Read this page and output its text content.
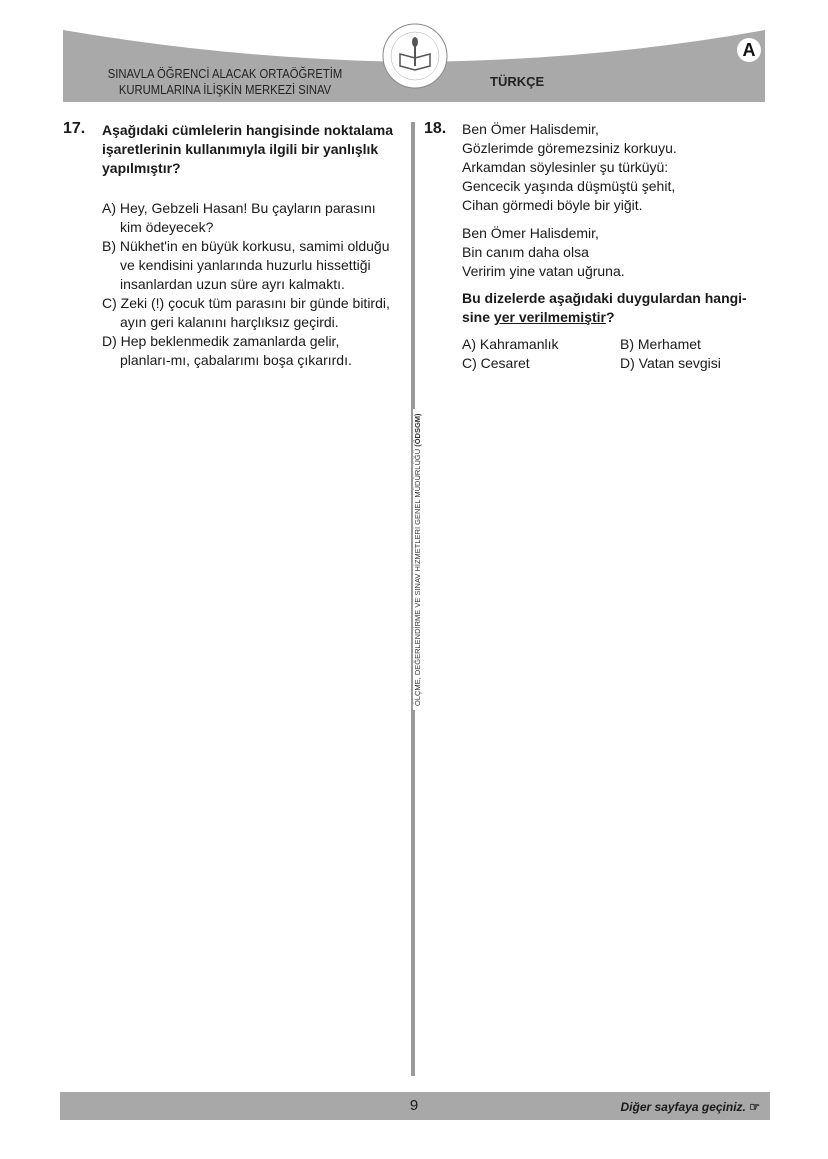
SINAVLA ÖĞRENCİ ALACAK ORTAÖĞRETİM
KURUMLARINA İLİŞKİN MERKEZİ SINAV
TÜRKÇE
A
17. Aşağıdaki cümlelerin hangisinde noktalama
işaretlerinin kullanımıyla ilgili bir yanlışlık
yapılmıştır?
A) Hey, Gebzeli Hasan! Bu çayların parasını kim ödeyecek?
B) Nükhet'in en büyük korkusu, samimi olduğu ve kendisini yanlarında huzurlu hissettiği insanlardan uzun süre ayrı kalmaktı.
C) Zeki (!) çocuk tüm parasını bir günde bitirdi, ayın geri kalanını harçlıksız geçirdi.
D) Hep beklenmedik zamanlarda gelir, planları-mı, çabalarımı boşa çıkarırdı.
ÖLÇME, DEĞERLENDİRME VE SINAV HİZMETLERİ GENEL MÜDÜRLÜĞÜ (ÖDSGM)
18. Ben Ömer Halisdemir,
Gözlerimde göremezsiniz korkuyu.
Arkamdan söylesinler şu türküyü:
Gencecik yaşında düşmüştü şehit,
Cihan görmedi böyle bir yiğit.
Ben Ömer Halisdemir,
Bin canım daha olsa
Veririm yine vatan uğruna.
Bu dizelerde aşağıdaki duygulardan hangi-
sine yer verilmemiştir?
A) Kahramanlık	B) Merhamet
C) Cesaret	D) Vatan sevgisi
9	Diğer sayfaya geçiniz. ☞
